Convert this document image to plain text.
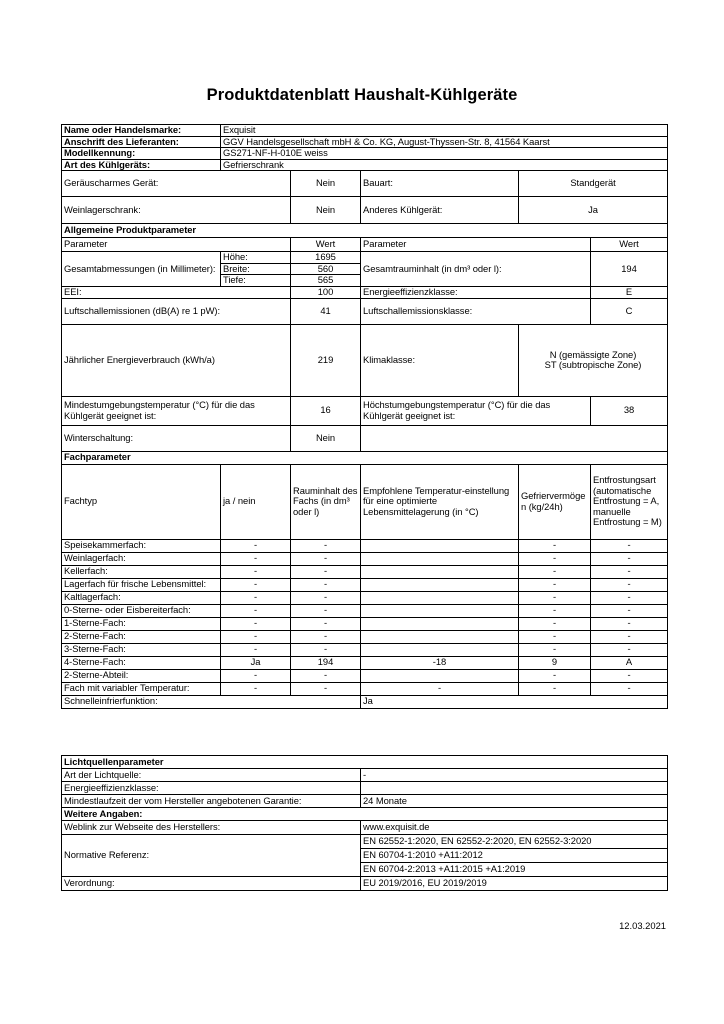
Produktdatenblatt Haushalt-Kühlgeräte
Name oder Handelsmarke:	Exquisit				
Anschrift des Lieferanten:	GGV Handelsgesellschaft mbH & Co. KG, August-Thyssen-Str. 8, 41564 Kaarst				
Modellkennung:	GS271-NF-H-010E weiss				
Art des Kühlgeräts:	Gefrierschrank				
Geräuscharmes Gerät:		Nein	Bauart:	Standgerät	
Weinlagerschrank:		Nein	Anderes Kühlgerät:	Ja	
Allgemeine Produktparameter					
Parameter		Wert	Parameter		Wert
Gesamtabmessungen (in Millimeter):	Höhe:	1695	Gesamtrauminhalt (in dm³ oder l):		194
	Breite:	560			
	Tiefe:	565			
EEI:		100	Energieeffizienzklasse:		E
Luftschallemissionen (dB(A) re 1 pW):		41	Luftschallemissionsklasse:		C
Jährlicher Energieverbrauch (kWh/a)		219	Klimaklasse:	N (gemässigte Zone)
ST (subtropische Zone)	

Mindestumgebungstemperatur (°C) für die das Kühlgerät geeignet ist:		16	Höchstumgebungstemperatur (°C) für die das Kühlgerät geeignet ist:		38
Winterschaltung:		Nein			
Fachparameter					
Fachtyp	ja / nein	Rauminhalt des Fachs (in dm³ oder l)	Empfohlene Temperatur-einstellung für eine optimierte Lebensmittelagerung (in °C)	Gefriervermögen (kg/24h)	Entfrostungsart (automatische Entfrostung = A, manuelle Entfrostung = M)
Speisekammerfach:	-	-		-	-
Weinlagerfach:	-	-		-	-
Kellerfach:	-	-		-	-
Lagerfach für frische Lebensmittel:	-	-		-	-
Kaltlagerfach:	-	-		-	-
0-Sterne- oder Eisbereiterfach:	-	-		-	-
1-Sterne-Fach:	-	-		-	-
2-Sterne-Fach:	-	-		-	-
3-Sterne-Fach:	-	-		-	-
4-Sterne-Fach:	Ja	194	-18	9	A
2-Sterne-Abteil:	-	-		-	-
Fach mit variabler Temperatur:	-	-	-	-	-
Schnelleinfrierfunktion:			Ja		
Lichtquellenparameter	
Art der Lichtquelle:	-
Energieeffizienzklasse:	
Mindestlaufzeit der vom Hersteller angebotenen Garantie:	24 Monate
Weitere Angaben:	
Weblink zur Webseite des Herstellers:	www.exquisit.de
Normative Referenz:	EN 62552-1:2020, EN 62552-2:2020, EN 62552-3:2020
	EN 60704-1:2010 +A11:2012
	EN 60704-2:2013 +A11:2015 +A1:2019
Verordnung:	EU 2019/2016, EU 2019/2019
12.03.2021
